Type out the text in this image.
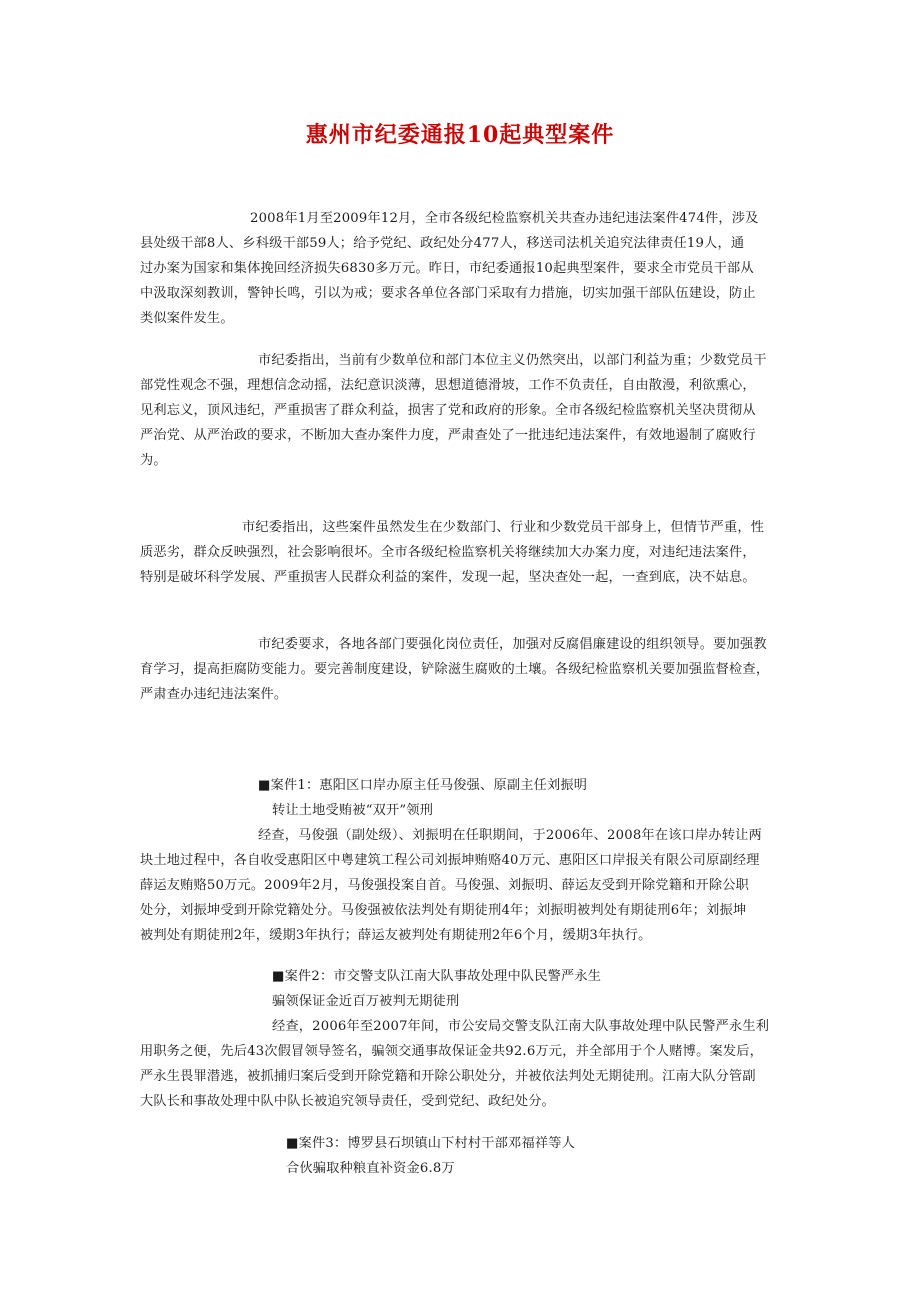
惠州市纪委通报10起典型案件
2008年1月至2009年12月，全市各级纪检监察机关共查办违纪违法案件474件，涉及
县处级干部8人、乡科级干部59人；给予党纪、政纪处分477人，移送司法机关追究法律责任19人，通
过办案为国家和集体挽回经济损失6830多万元。昨日，市纪委通报10起典型案件，要求全市党员干部从
中汲取深刻教训，警钟长鸣，引以为戒；要求各单位各部门采取有力措施，切实加强干部队伍建设，防止
类似案件发生。
市纪委指出，当前有少数单位和部门本位主义仍然突出，以部门利益为重；少数党员干
部党性观念不强，理想信念动摇，法纪意识淡薄，思想道德滑坡，工作不负责任，自由散漫，利欲熏心，
见利忘义，顶风违纪，严重损害了群众利益，损害了党和政府的形象。全市各级纪检监察机关坚决贯彻从
严治党、从严治政的要求，不断加大查办案件力度，严肃查处了一批违纪违法案件，有效地遏制了腐败行
为。
市纪委指出，这些案件虽然发生在少数部门、行业和少数党员干部身上，但情节严重，性
质恶劣，群众反映强烈，社会影响很坏。全市各级纪检监察机关将继续加大办案力度，对违纪违法案件，
特别是破坏科学发展、严重损害人民群众利益的案件，发现一起，坚决查处一起，一查到底，决不姑息。
市纪委要求，各地各部门要强化岗位责任，加强对反腐倡廉建设的组织领导。要加强教
育学习，提高拒腐防变能力。要完善制度建设，铲除滋生腐败的土壤。各级纪检监察机关要加强监督检查，
严肃查办违纪违法案件。
■案件1：惠阳区口岸办原主任马俊强、原副主任刘振明
转让土地受贿被“双开”领刑
经查，马俊强（副处级）、刘振明在任职期间，于2006年、2008年在该口岸办转让两
块土地过程中，各自收受惠阳区中粤建筑工程公司刘振坤贿赂40万元、惠阳区口岸报关有限公司原副经理
薛运友贿赂50万元。2009年2月，马俊强投案自首。马俊强、刘振明、薛运友受到开除党籍和开除公职
处分，刘振坤受到开除党籍处分。马俊强被依法判处有期徒刑4年；刘振明被判处有期徒刑6年；刘振坤
被判处有期徒刑2年，缓期3年执行；薛运友被判处有期徒刑2年6个月，缓期3年执行。
■案件2：市交警支队江南大队事故处理中队民警严永生
骗领保证金近百万被判无期徒刑
经查，2006年至2007年间，市公安局交警支队江南大队事故处理中队民警严永生利
用职务之便，先后43次假冒领导签名，骗领交通事故保证金共92.6万元，并全部用于个人赌博。案发后，
严永生畏罪潜逃，被抓捕归案后受到开除党籍和开除公职处分，并被依法判处无期徒刑。江南大队分管副
大队长和事故处理中队中队长被追究领导责任，受到党纪、政纪处分。
■案件3：博罗县石坝镇山下村村干部邓福祥等人
合伙骗取种粮直补资金6.8万
